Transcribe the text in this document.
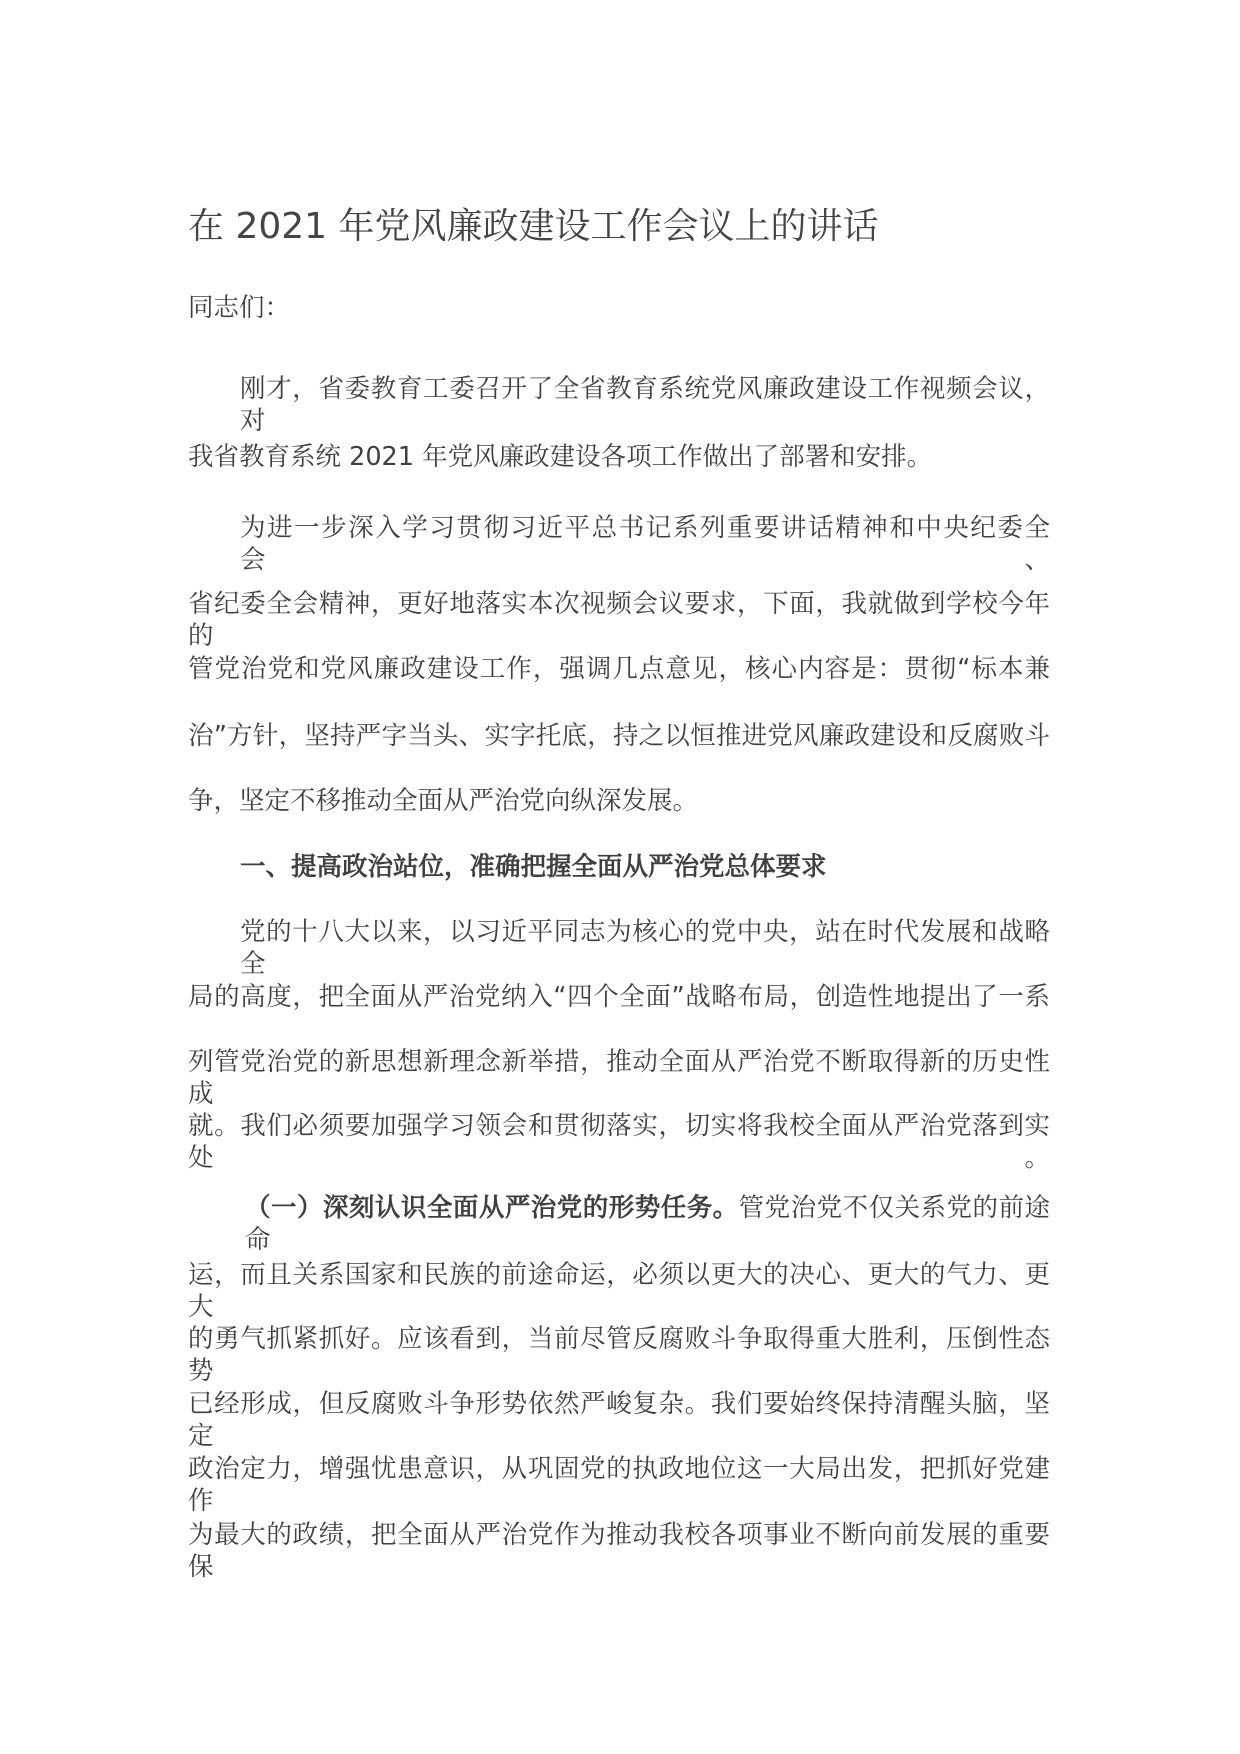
在 2021 年党风廉政建设工作会议上的讲话
同志们：
刚才，省委教育工委召开了全省教育系统党风廉政建设工作视频会议，对
我省教育系统 2021 年党风廉政建设各项工作做出了部署和安排。
为进一步深入学习贯彻习近平总书记系列重要讲话精神和中央纪委全会、
省纪委全会精神，更好地落实本次视频会议要求，下面，我就做到学校今年的
管党治党和党风廉政建设工作，强调几点意见，核心内容是：贯彻“标本兼
治”方针，坚持严字当头、实字托底，持之以恒推进党风廉政建设和反腐败斗
争，坚定不移推动全面从严治党向纵深发展。
一、提高政治站位，准确把握全面从严治党总体要求
党的十八大以来，以习近平同志为核心的党中央，站在时代发展和战略全
局的高度，把全面从严治党纳入“四个全面”战略布局，创造性地提出了一系
列管党治党的新思想新理念新举措，推动全面从严治党不断取得新的历史性成
就。我们必须要加强学习领会和贯彻落实，切实将我校全面从严治党落到实处。
（一）深刻认识全面从严治党的形势任务。管党治党不仅关系党的前途命
运，而且关系国家和民族的前途命运，必须以更大的决心、更大的气力、更大
的勇气抓紧抓好。应该看到，当前尽管反腐败斗争取得重大胜利，压倒性态势
已经形成，但反腐败斗争形势依然严峻复杂。我们要始终保持清醒头脑，坚定
政治定力，增强忧患意识，从巩固党的执政地位这一大局出发，把抓好党建作
为最大的政绩，把全面从严治党作为推动我校各项事业不断向前发展的重要保
